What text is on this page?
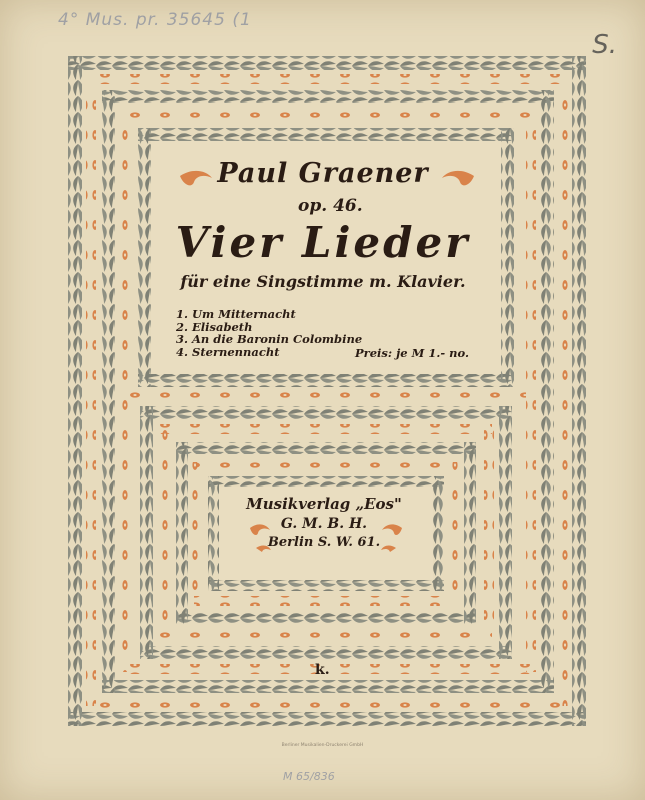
4° Mus. pr. 35645 (1
S.
M 65/836
Paul Graener
op. 46.
Vier Lieder
für eine Singstimme m. Klavier.
1. Um Mitternacht
2. Elisabeth
3. An die Baronin Colombine
4. Sternennacht	Preis: je M 1.- no.
Musikverlag „Eos"
G. M. B. H.
Berlin S. W. 61.
k.
Berliner Musikalien-Druckerei GmbH
